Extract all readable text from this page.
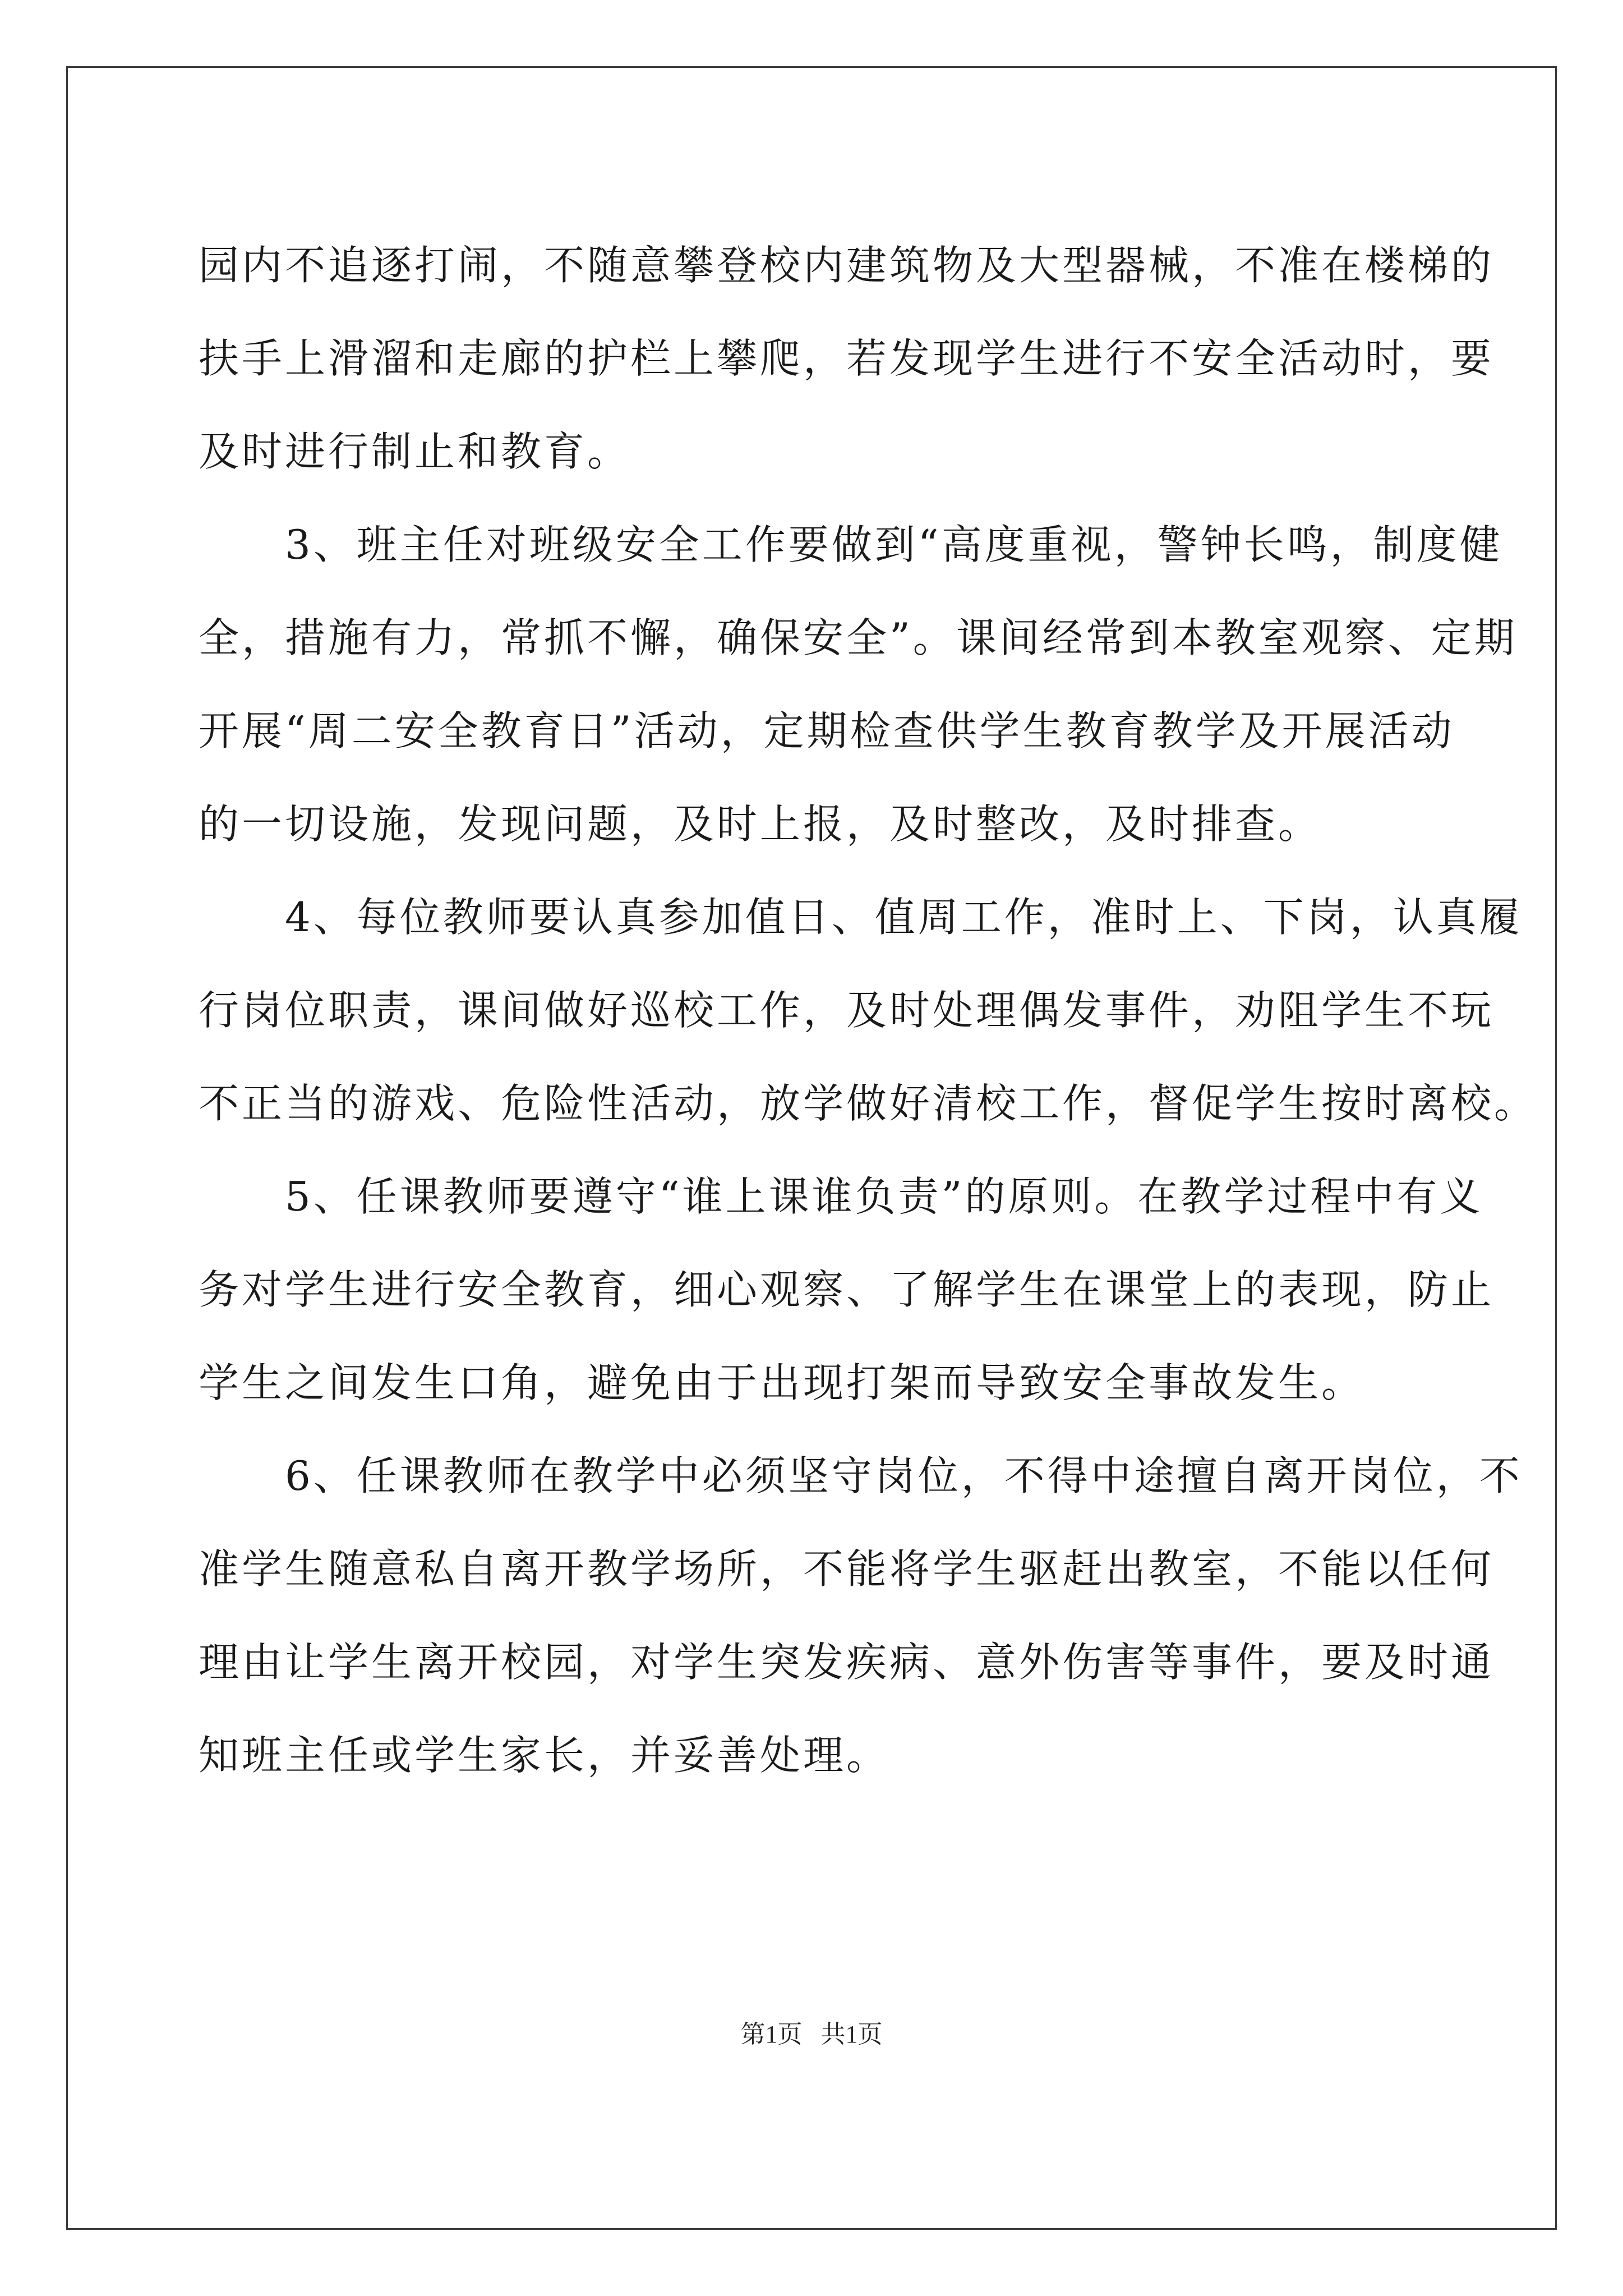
园内不追逐打闹，不随意攀登校内建筑物及大型器械，不准在楼梯的
扶手上滑溜和走廊的护栏上攀爬，若发现学生进行不安全活动时，要
及时进行制止和教育。
　　3、班主任对班级安全工作要做到“高度重视，警钟长鸣，制度健
全，措施有力，常抓不懈，确保安全”。课间经常到本教室观察、定期
开展“周二安全教育日”活动，定期检查供学生教育教学及开展活动
的一切设施，发现问题，及时上报，及时整改，及时排查。
　　4、每位教师要认真参加值日、值周工作，准时上、下岗，认真履
行岗位职责，课间做好巡校工作，及时处理偶发事件，劝阻学生不玩
不正当的游戏、危险性活动，放学做好清校工作，督促学生按时离校。
　　5、任课教师要遵守“谁上课谁负责”的原则。在教学过程中有义
务对学生进行安全教育，细心观察、了解学生在课堂上的表现，防止
学生之间发生口角，避免由于出现打架而导致安全事故发生。
　　6、任课教师在教学中必须坚守岗位，不得中途擅自离开岗位，不
准学生随意私自离开教学场所，不能将学生驱赶出教室，不能以任何
理由让学生离开校园，对学生突发疾病、意外伤害等事件，要及时通
知班主任或学生家长，并妥善处理。
第1页   共1页
